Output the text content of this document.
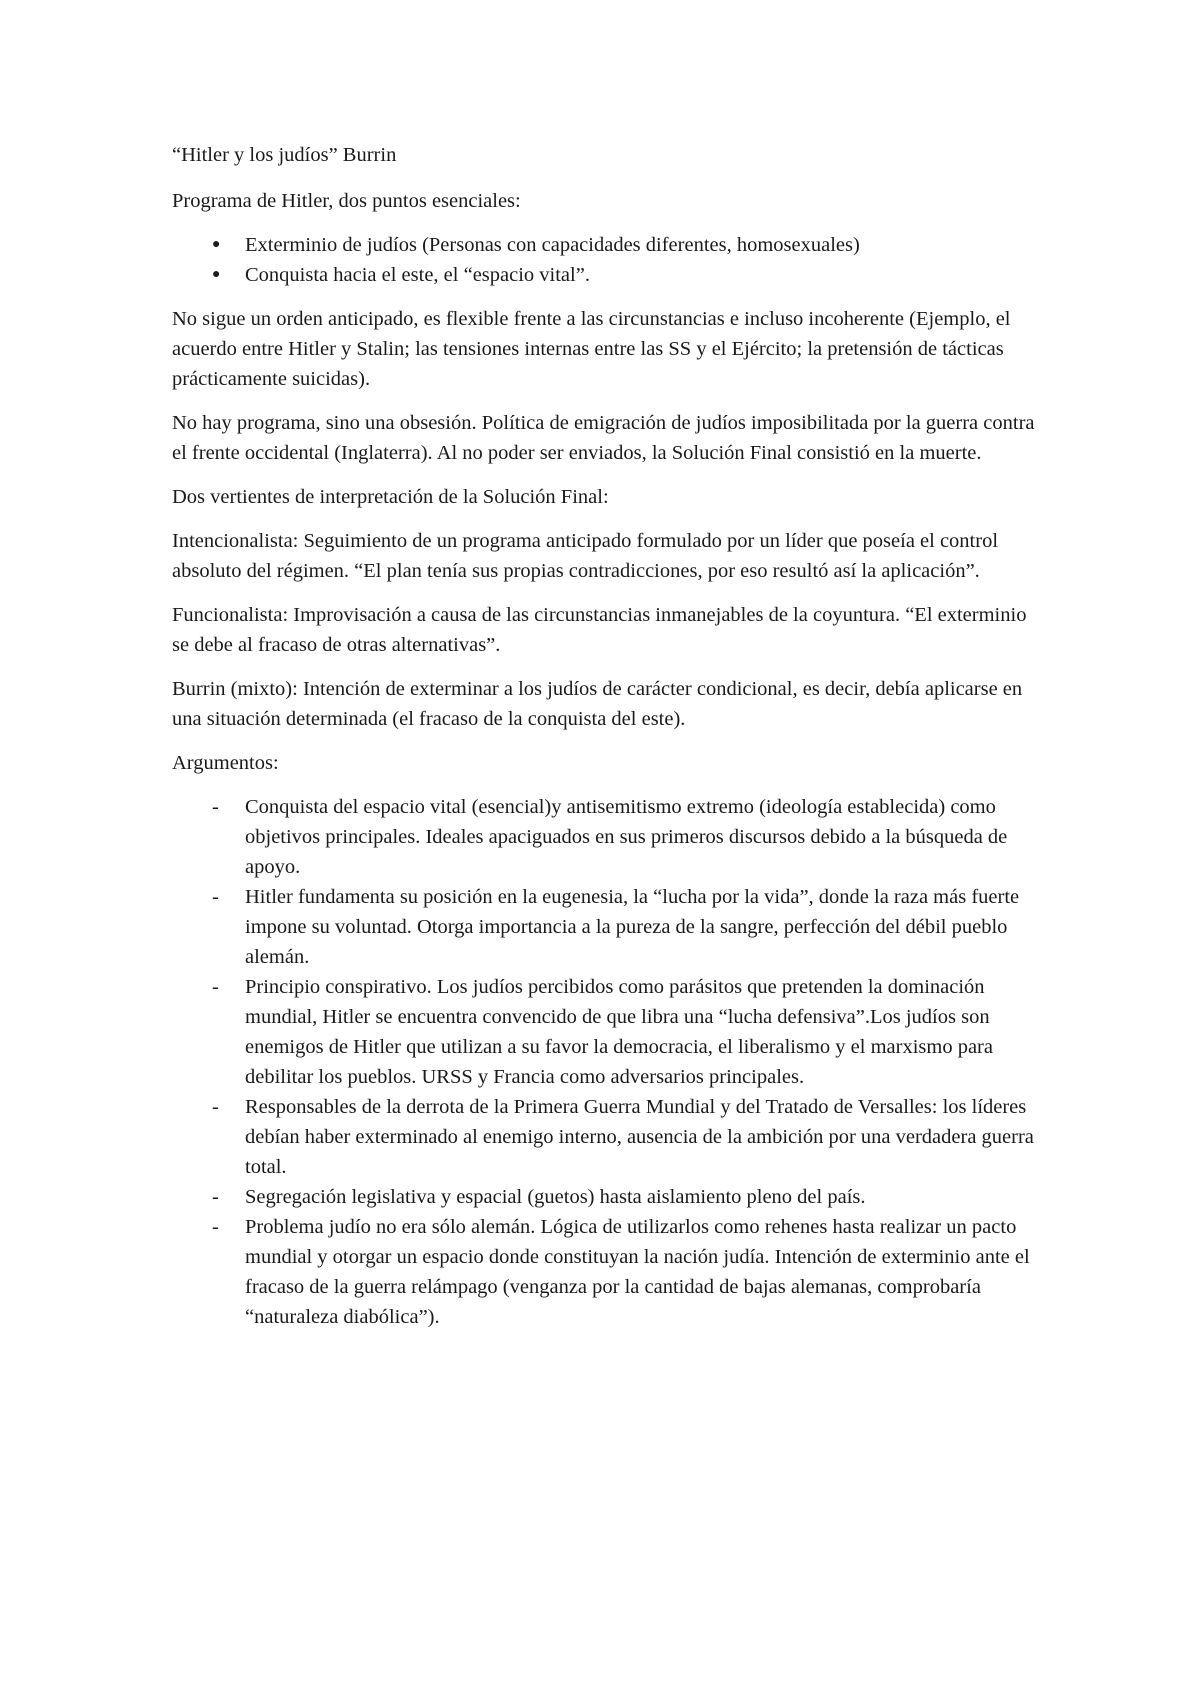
“Hitler y los judíos” Burrin

Programa de Hitler, dos puntos esenciales:

● Exterminio de judíos (Personas con capacidades diferentes, homosexuales)
● Conquista hacia el este, el “espacio vital”.

No sigue un orden anticipado, es flexible frente a las circunstancias e incluso incoherente (Ejemplo, el acuerdo entre Hitler y Stalin; las tensiones internas entre las SS y el Ejército; la pretensión de tácticas prácticamente suicidas).

No hay programa, sino una obsesión. Política de emigración de judíos imposibilitada por la guerra contra el frente occidental (Inglaterra). Al no poder ser enviados, la Solución Final consistió en la muerte.

Dos vertientes de interpretación de la Solución Final:

Intencionalista: Seguimiento de un programa anticipado formulado por un líder que poseía el control absoluto del régimen. “El plan tenía sus propias contradicciones, por eso resultó así la aplicación”.

Funcionalista: Improvisación a causa de las circunstancias inmanejables de la coyuntura. “El exterminio se debe al fracaso de otras alternativas”.

Burrin (mixto): Intención de exterminar a los judíos de carácter condicional, es decir, debía aplicarse en una situación determinada (el fracaso de la conquista del este).

Argumentos:

- Conquista del espacio vital (esencial)y antisemitismo extremo (ideología establecida) como objetivos principales. Ideales apaciguados en sus primeros discursos debido a la búsqueda de apoyo.
- Hitler fundamenta su posición en la eugenesia, la “lucha por la vida”, donde la raza más fuerte impone su voluntad. Otorga importancia a la pureza de la sangre, perfección del débil pueblo alemán.
- Principio conspirativo. Los judíos percibidos como parásitos que pretenden la dominación mundial, Hitler se encuentra convencido de que libra una “lucha defensiva”.Los judíos son enemigos de Hitler que utilizan a su favor la democracia, el liberalismo y el marxismo para debilitar los pueblos. URSS y Francia como adversarios principales.
- Responsables de la derrota de la Primera Guerra Mundial y del Tratado de Versalles: los líderes debían haber exterminado al enemigo interno, ausencia de la ambición por una verdadera guerra total.
- Segregación legislativa y espacial (guetos) hasta aislamiento pleno del país.
- Problema judío no era sólo alemán. Lógica de utilizarlos como rehenes hasta realizar un pacto mundial y otorgar un espacio donde constituyan la nación judía. Intención de exterminio ante el fracaso de la guerra relámpago (venganza por la cantidad de bajas alemanas, comprobaría “naturaleza diabólica”).
